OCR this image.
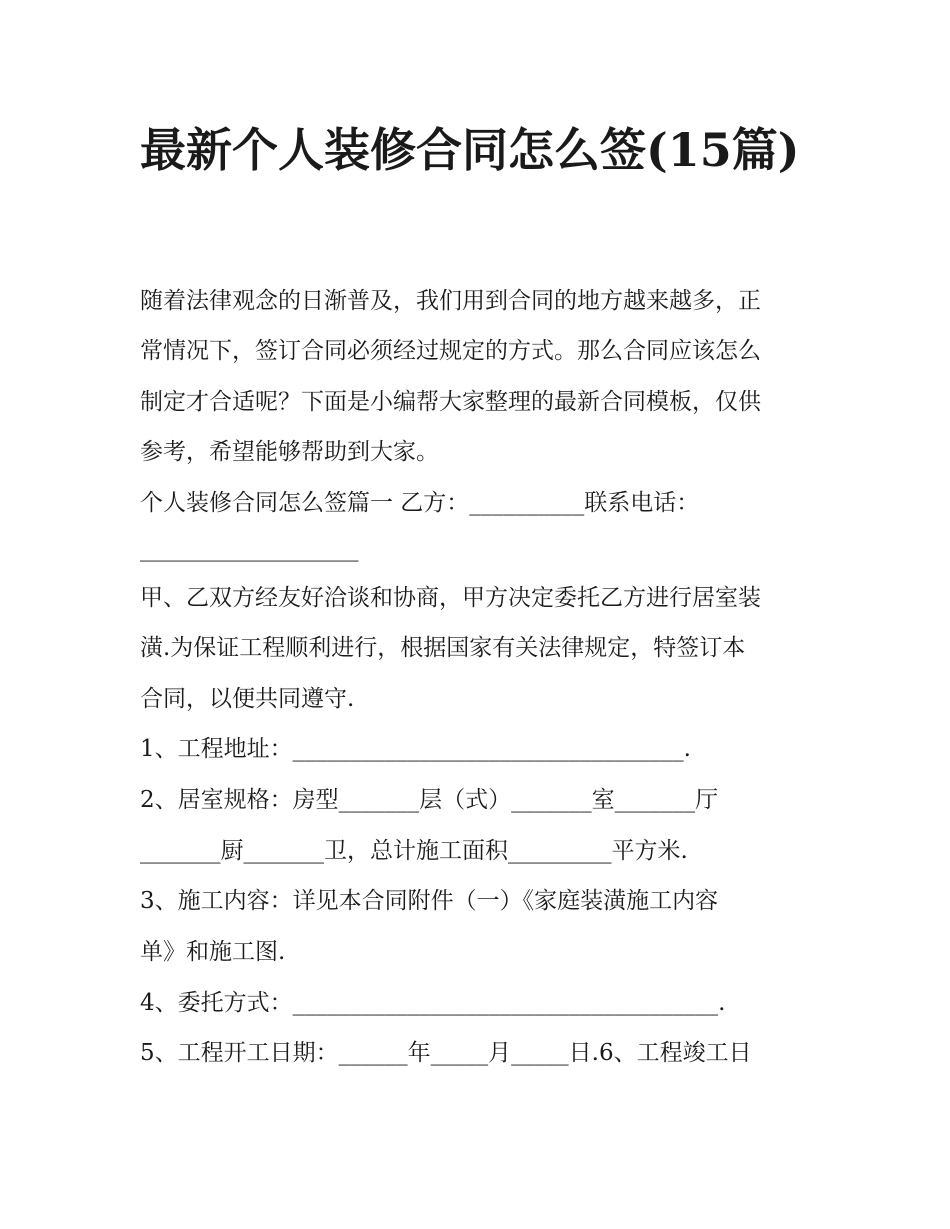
最新个人装修合同怎么签(15篇)

随着法律观念的日渐普及，我们用到合同的地方越来越多，正

常情况下，签订合同必须经过规定的方式。那么合同应该怎么

制定才合适呢？下面是小编帮大家整理的最新合同模板，仅供

参考，希望能够帮助到大家。

个人装修合同怎么签篇一 乙方：__________联系电话：

___________________

甲、乙双方经友好洽谈和协商，甲方决定委托乙方进行居室装

潢.为保证工程顺利进行，根据国家有关法律规定，特签订本

合同，以便共同遵守.

1、工程地址：__________________________________.

2、居室规格：房型_______层（式）_______室_______厅

_______厨_______卫，总计施工面积_________平方米.

3、施工内容：详见本合同附件（一）《家庭装潢施工内容

单》和施工图.

4、委托方式：_____________________________________.

5、工程开工日期：______年_____月_____日.6、工程竣工日
